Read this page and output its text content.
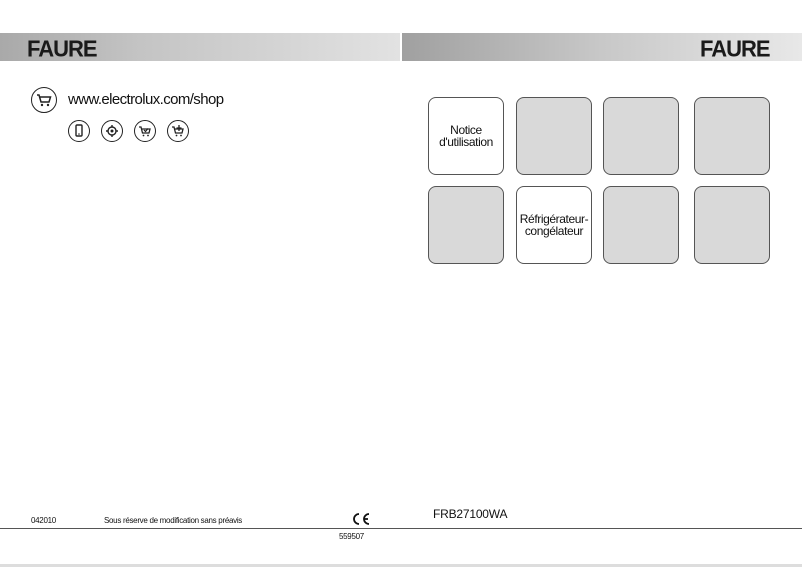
FAURE	FAURE
www.electrolux.com/shop
Notice
d'utilisation
Réfrigérateur-
congélateur
042010	Sous réserve de modification sans préavis	FRB27100WA
559507
